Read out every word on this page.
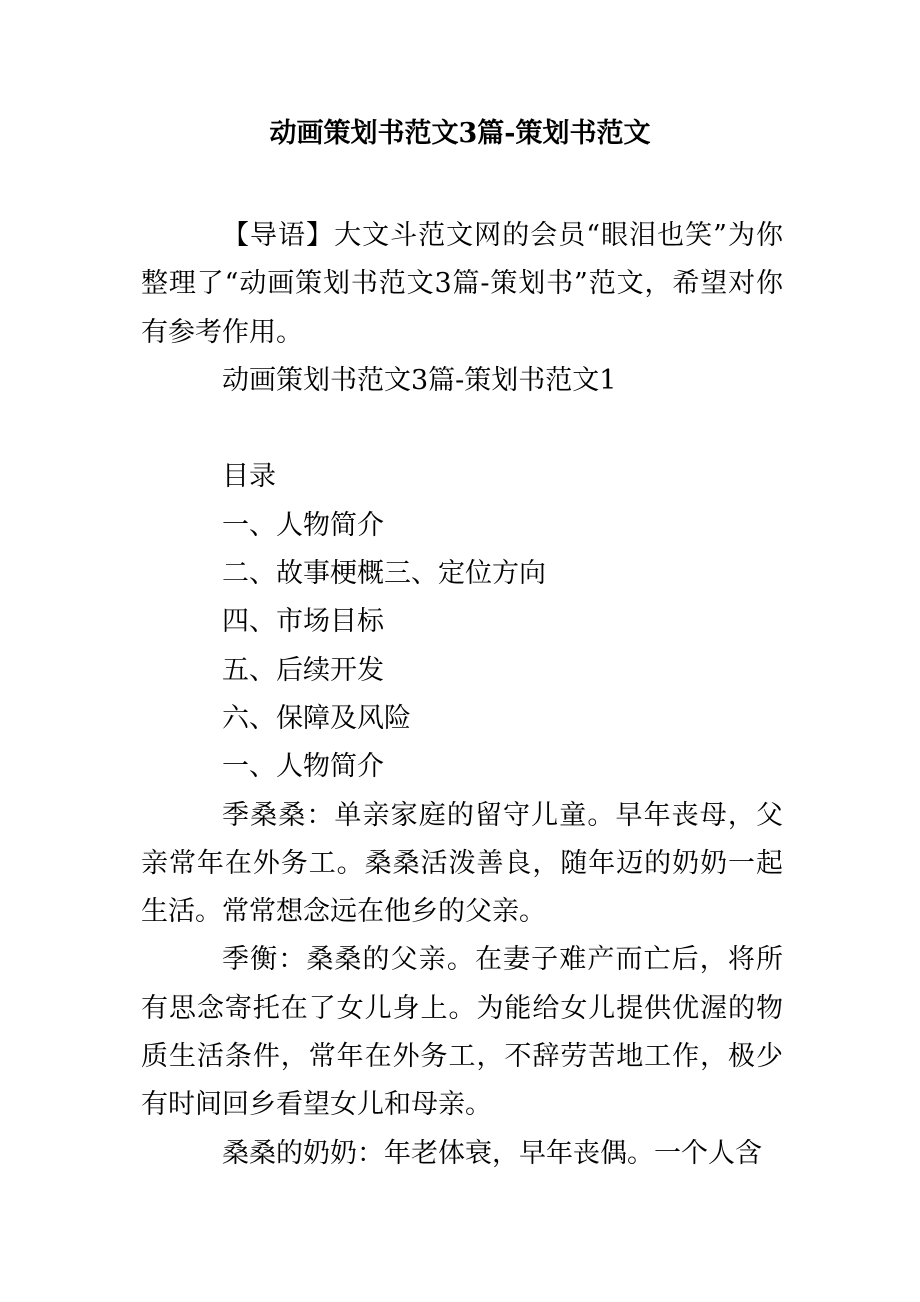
动画策划书范文3篇-策划书范文

【导语】大文斗范文网的会员“眼泪也笑”为你整理了“动画策划书范文3篇-策划书”范文，希望对你有参考作用。

动画策划书范文3篇-策划书范文1

目录

一、人物简介

二、故事梗概三、定位方向

四、市场目标

五、后续开发

六、保障及风险

一、人物简介

季桑桑：单亲家庭的留守儿童。早年丧母，父亲常年在外务工。桑桑活泼善良，随年迈的奶奶一起生活。常常想念远在他乡的父亲。

季衡：桑桑的父亲。在妻子难产而亡后，将所有思念寄托在了女儿身上。为能给女儿提供优渥的物质生活条件，常年在外务工，不辞劳苦地工作，极少有时间回乡看望女儿和母亲。

桑桑的奶奶：年老体衰，早年丧偶。一个人含
